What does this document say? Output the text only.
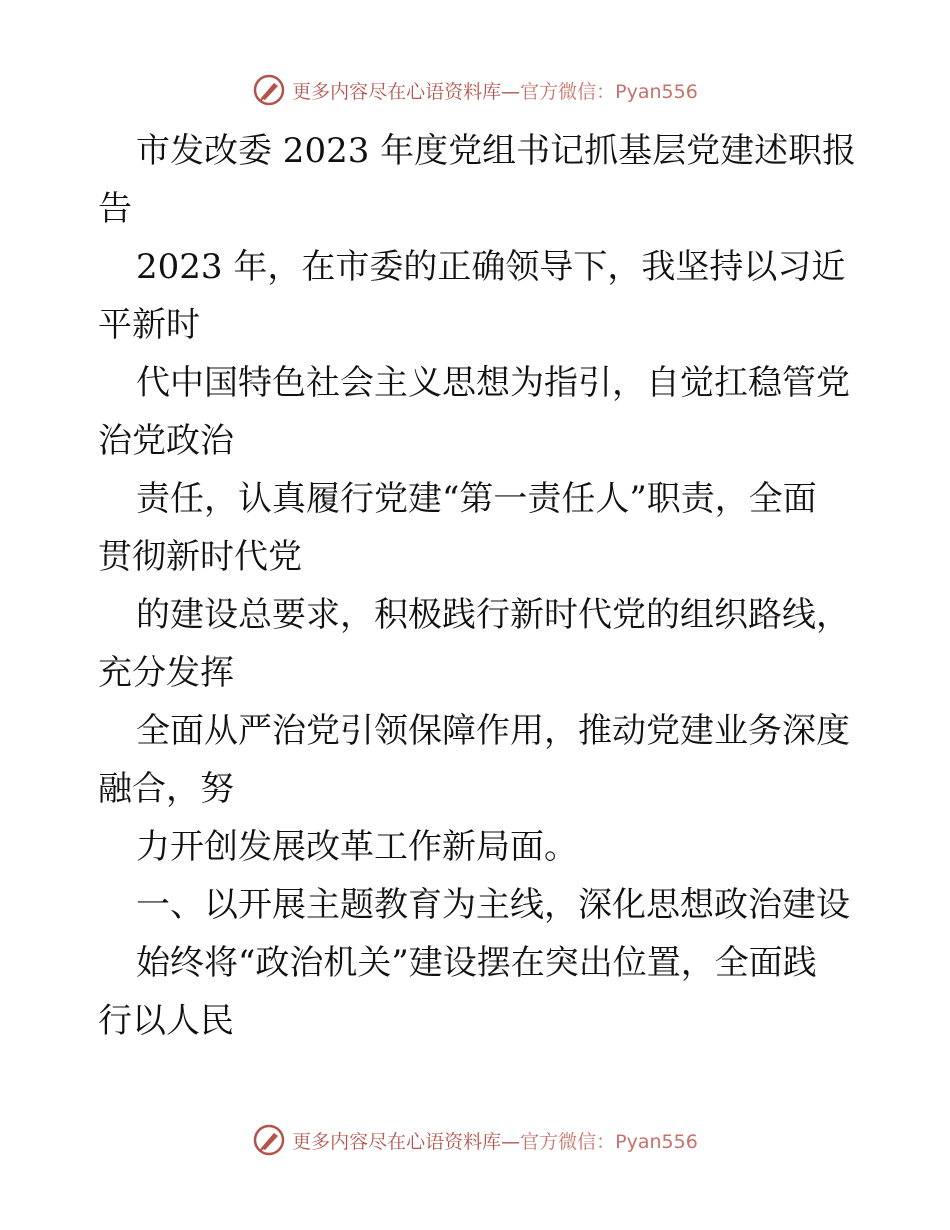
更多内容尽在心语资料库—官方微信：Pyan556
市发改委 2023 年度党组书记抓基层党建述职报
告
2023 年，在市委的正确领导下，我坚持以习近
平新时
代中国特色社会主义思想为指引，自觉扛稳管党
治党政治
责任，认真履行党建“第一责任人”职责，全面
贯彻新时代党
的建设总要求，积极践行新时代党的组织路线，
充分发挥
全面从严治党引领保障作用，推动党建业务深度
融合，努
力开创发展改革工作新局面。
一、以开展主题教育为主线，深化思想政治建设
始终将“政治机关”建设摆在突出位置，全面践
行以人民
更多内容尽在心语资料库—官方微信：Pyan556
